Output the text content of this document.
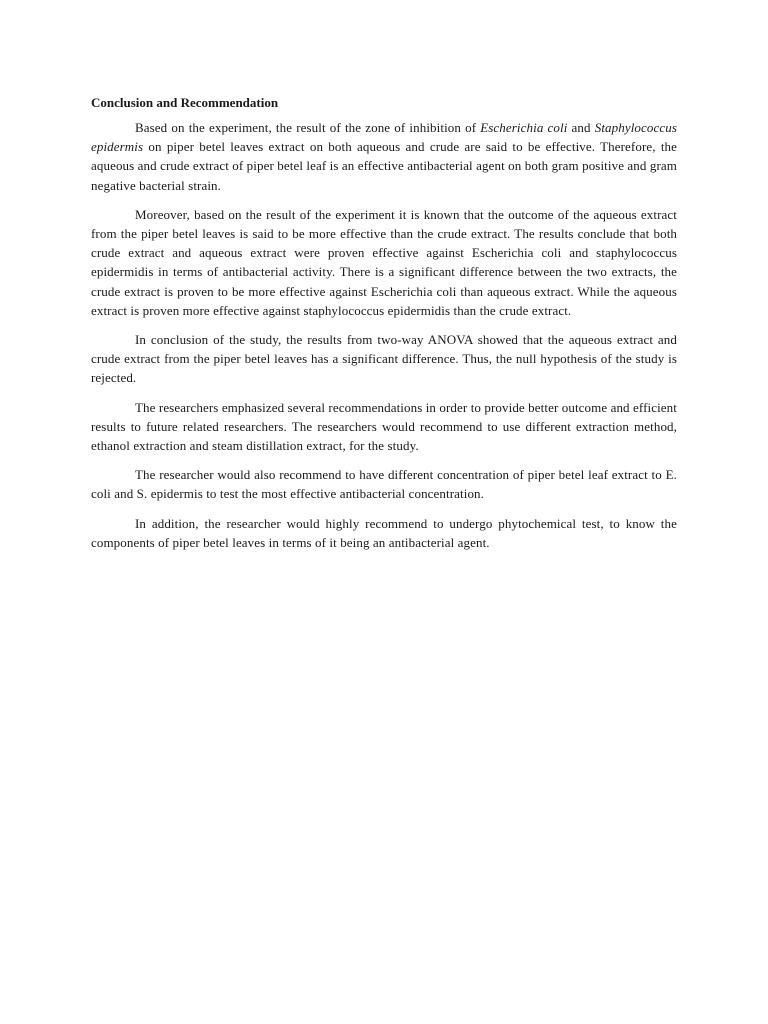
Conclusion and Recommendation

Based on the experiment, the result of the zone of inhibition of Escherichia coli and Staphylococcus epidermis on piper betel leaves extract on both aqueous and crude are said to be effective. Therefore, the aqueous and crude extract of piper betel leaf is an effective antibacterial agent on both gram positive and gram negative bacterial strain.

Moreover, based on the result of the experiment it is known that the outcome of the aqueous extract from the piper betel leaves is said to be more effective than the crude extract. The results conclude that both crude extract and aqueous extract were proven effective against Escherichia coli and staphylococcus epidermidis in terms of antibacterial activity. There is a significant difference between the two extracts, the crude extract is proven to be more effective against Escherichia coli than aqueous extract. While the aqueous extract is proven more effective against staphylococcus epidermidis than the crude extract.

In conclusion of the study, the results from two-way ANOVA showed that the aqueous extract and crude extract from the piper betel leaves has a significant difference. Thus, the null hypothesis of the study is rejected.

The researchers emphasized several recommendations in order to provide better outcome and efficient results to future related researchers. The researchers would recommend to use different extraction method, ethanol extraction and steam distillation extract, for the study.

The researcher would also recommend to have different concentration of piper betel leaf extract to E. coli and S. epidermis to test the most effective antibacterial concentration.

In addition, the researcher would highly recommend to undergo phytochemical test, to know the components of piper betel leaves in terms of it being an antibacterial agent.
